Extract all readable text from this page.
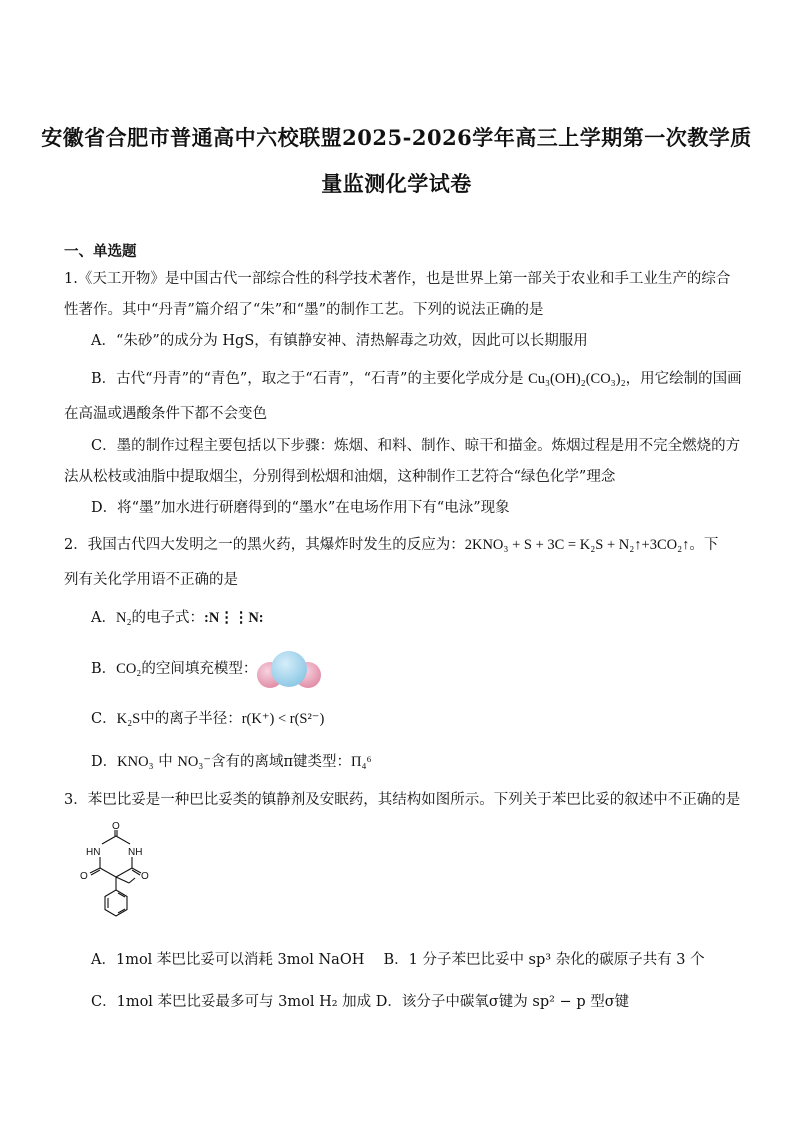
安徽省合肥市普通高中六校联盟2025-2026学年高三上学期第一次教学质
量监测化学试卷
一、单选题
1.《天工开物》是中国古代一部综合性的科学技术著作，也是世界上第一部关于农业和手工业生产的综合
性著作。其中“丹青”篇介绍了“朱”和“墨”的制作工艺。下列的说法正确的是
A．“朱砂”的成分为 HgS，有镇静安神、清热解毒之功效，因此可以长期服用
B．古代“丹青”的“青色”，取之于“石青”，“石青”的主要化学成分是 Cu₃(OH)₂(CO₃)₂，用它绘制的国画
在高温或遇酸条件下都不会变色
C．墨的制作过程主要包括以下步骤：炼烟、和料、制作、晾干和描金。炼烟过程是用不完全燃烧的方
法从松枝或油脂中提取烟尘，分别得到松烟和油烟，这种制作工艺符合“绿色化学”理念
D．将“墨”加水进行研磨得到的“墨水”在电场作用下有“电泳”现象
2．我国古代四大发明之一的黑火药，其爆炸时发生的反应为：2KNO₃ + S + 3C = K₂S + N₂↑+3CO₂↑。下
列有关化学用语不正确的是
A．N₂的电子式：:N⋮⋮N:
B．CO₂的空间填充模型：
C．K₂S中的离子半径：r(K⁺) < r(S²⁻)
D．KNO₃ 中 NO₃⁻含有的离域π键类型：Π₄⁶
3．苯巴比妥是一种巴比妥类的镇静剂及安眠药，其结构如图所示。下列关于苯巴比妥的叙述中不正确的是
O
HN	NH
O	O
A．1mol 苯巴比妥可以消耗 3mol NaOH　 B．1 分子苯巴比妥中 sp³ 杂化的碳原子共有 3 个
C．1mol 苯巴比妥最多可与 3mol H₂ 加成 D．该分子中碳氧σ键为 sp² − p 型σ键
